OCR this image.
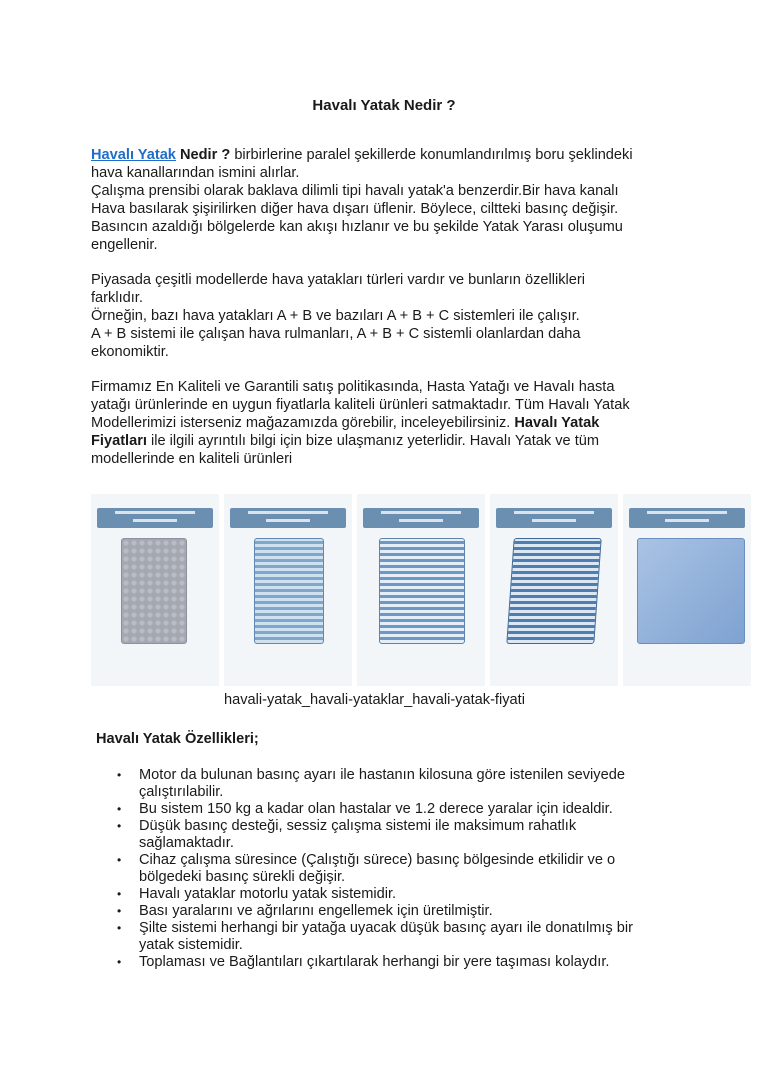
Havalı Yatak Nedir ?

Havalı Yatak Nedir ? birbirlerine paralel şekillerde konumlandırılmış boru şeklindeki

hava kanallarından ismini alırlar.

Çalışma prensibi olarak baklava dilimli tipi havalı yatak'a benzerdir.Bir hava kanalı

Hava basılarak şişirilirken diğer hava dışarı üflenir. Böylece, ciltteki basınç değişir.

Basıncın azaldığı bölgelerde kan akışı hızlanır ve bu şekilde Yatak Yarası oluşumu

engellenir.

Piyasada çeşitli modellerde hava yatakları türleri vardır ve bunların özellikleri

farklıdır.

Örneğin, bazı hava yatakları A + B ve bazıları A + B + C sistemleri ile çalışır.

A + B sistemi ile çalışan hava rulmanları, A + B + C sistemli olanlardan daha

ekonomiktir.

Firmamız En Kaliteli ve Garantili satış politikasında, Hasta Yatağı ve Havalı hasta

yatağı ürünlerinde en uygun fiyatlarla kaliteli ürünleri satmaktadır. Tüm Havalı Yatak

Modellerimizi isterseniz mağazamızda görebilir, inceleyebilirsiniz. Havalı Yatak

Fiyatları ile ilgili ayrıntılı bilgi için bize ulaşmanız yeterlidir. Havalı Yatak ve tüm

modellerinde en kaliteli ürünleri

havali-yatak_havali-yataklar_havali-yatak-fiyati
Havalı Yatak Özellikleri;
• Motor da bulunan basınç ayarı ile hastanın kilosuna göre istenilen seviyede
çalıştırılabilir.
• Bu sistem 150 kg a kadar olan hastalar ve 1.2 derece yaralar için idealdir.
• Düşük basınç desteği, sessiz çalışma sistemi ile maksimum rahatlık
sağlamaktadır.
• Cihaz çalışma süresince (Çalıştığı sürece) basınç bölgesinde etkilidir ve o
bölgedeki basınç sürekli değişir.
• Havalı yataklar motorlu yatak sistemidir.
• Bası yaralarını ve ağrılarını engellemek için üretilmiştir.
• Şilte sistemi herhangi bir yatağa uyacak düşük basınç ayarı ile donatılmış bir
yatak sistemidir.
• Toplaması ve Bağlantıları çıkartılarak herhangi bir yere taşıması kolaydır.
